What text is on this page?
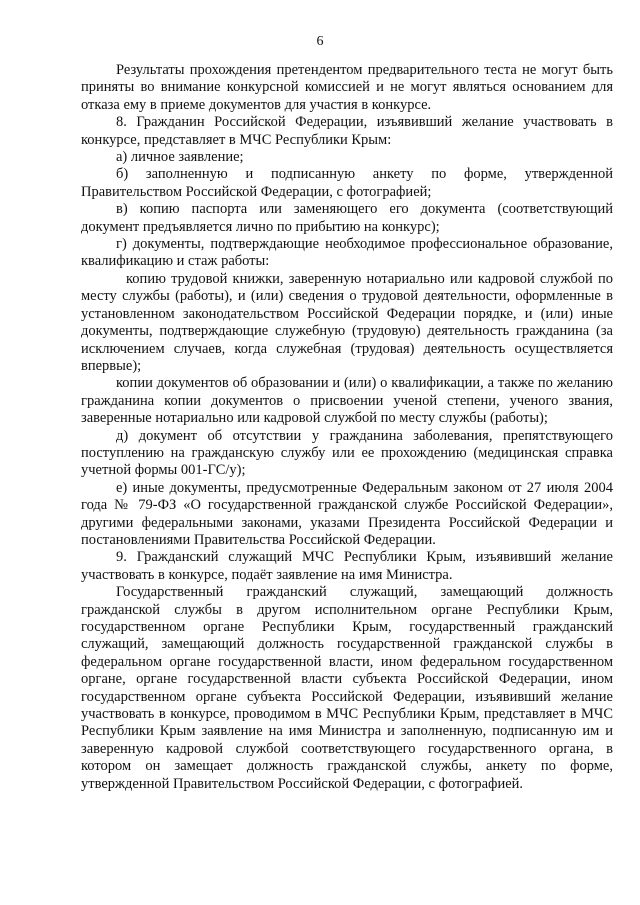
6

Результаты прохождения претендентом предварительного теста не могут быть приняты во внимание конкурсной комиссией и не могут являться основанием для отказа ему в приеме документов для участия в конкурсе.

8. Гражданин Российской Федерации, изъявивший желание участвовать в конкурсе, представляет в МЧС Республики Крым:

а) личное заявление;

б) заполненную и подписанную анкету по форме, утвержденной Правительством Российской Федерации, с фотографией;

в) копию паспорта или заменяющего его документа (соответствующий документ предъявляется лично по прибытию на конкурс);

г) документы, подтверждающие необходимое профессиональное образование, квалификацию и стаж работы:

копию трудовой книжки, заверенную нотариально или кадровой службой по месту службы (работы), и (или) сведения о трудовой деятельности, оформленные в установленном законодательством Российской Федерации порядке, и (или) иные документы, подтверждающие служебную (трудовую) деятельность гражданина (за исключением случаев, когда служебная (трудовая) деятельность осуществляется впервые);

копии документов об образовании и (или) о квалификации, а также по желанию гражданина копии документов о присвоении ученой степени, ученого звания, заверенные нотариально или кадровой службой по месту службы (работы);

д) документ об отсутствии у гражданина заболевания, препятствующего поступлению на гражданскую службу или ее прохождению (медицинская справка учетной формы 001-ГС/у);

е) иные документы, предусмотренные Федеральным законом от 27 июля 2004 года № 79-ФЗ «О государственной гражданской службе Российской Федерации», другими федеральными законами, указами Президента Российской Федерации и постановлениями Правительства Российской Федерации.

9. Гражданский служащий МЧС Республики Крым, изъявивший желание участвовать в конкурсе, подаёт заявление на имя Министра.

Государственный гражданский служащий, замещающий должность гражданской службы в другом исполнительном органе Республики Крым, государственном органе Республики Крым, государственный гражданский служащий, замещающий должность государственной гражданской службы в федеральном органе государственной власти, ином федеральном государственном органе, органе государственной власти субъекта Российской Федерации, ином государственном органе субъекта Российской Федерации, изъявивший желание участвовать в конкурсе, проводимом в МЧС Республики Крым, представляет в МЧС Республики Крым заявление на имя Министра и заполненную, подписанную им и заверенную кадровой службой соответствующего государственного органа, в котором он замещает должность гражданской службы, анкету по форме, утвержденной Правительством Российской Федерации, с фотографией.
